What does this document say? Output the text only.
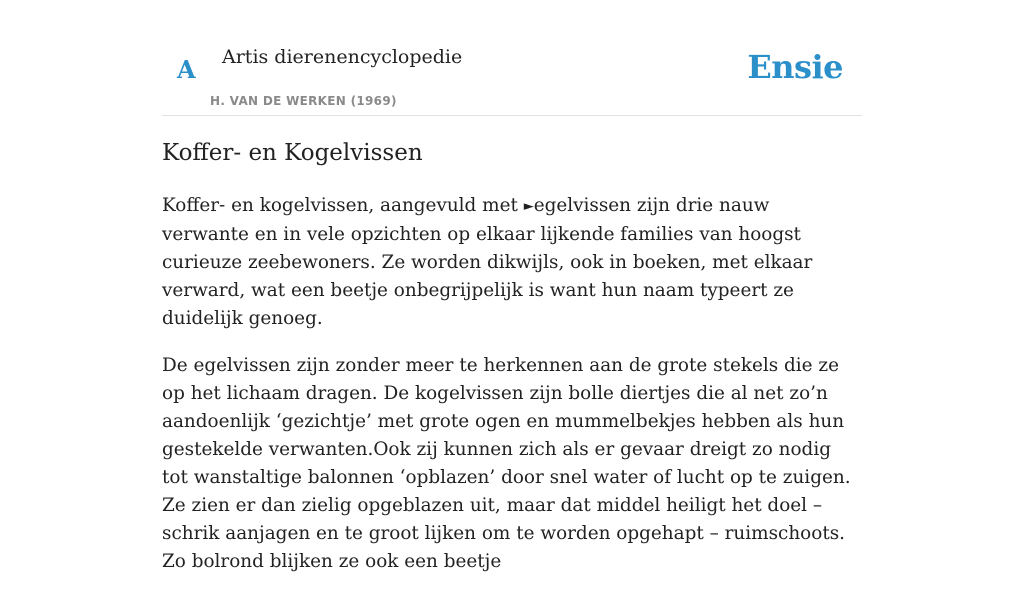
A Artis dierenencyclopedie
H. VAN DE WERKEN (1969)
Ensie
Koffer- en Kogelvissen

Koffer- en kogelvissen, aangevuld met ►egelvissen zijn drie nauw verwante en in vele opzichten op elkaar lijkende families van hoogst curieuze zeebewoners. Ze worden dikwijls, ook in boeken, met elkaar verward, wat een beetje onbegrijpelijk is want hun naam typeert ze duidelijk genoeg.

De egelvissen zijn zonder meer te herkennen aan de grote stekels die ze op het lichaam dragen. De kogelvissen zijn bolle diertjes die al net zo’n aandoenlijk ‘gezichtje’ met grote ogen en mummelbekjes hebben als hun gestekelde verwanten.Ook zij kunnen zich als er gevaar dreigt zo nodig tot wanstaltige balonnen ‘opblazen’ door snel water of lucht op te zuigen. Ze zien er dan zielig opgeblazen uit, maar dat middel heiligt het doel – schrik aanjagen en te groot lijken om te worden opgehapt – ruimschoots. Zo bolrond blijken ze ook een beetje
